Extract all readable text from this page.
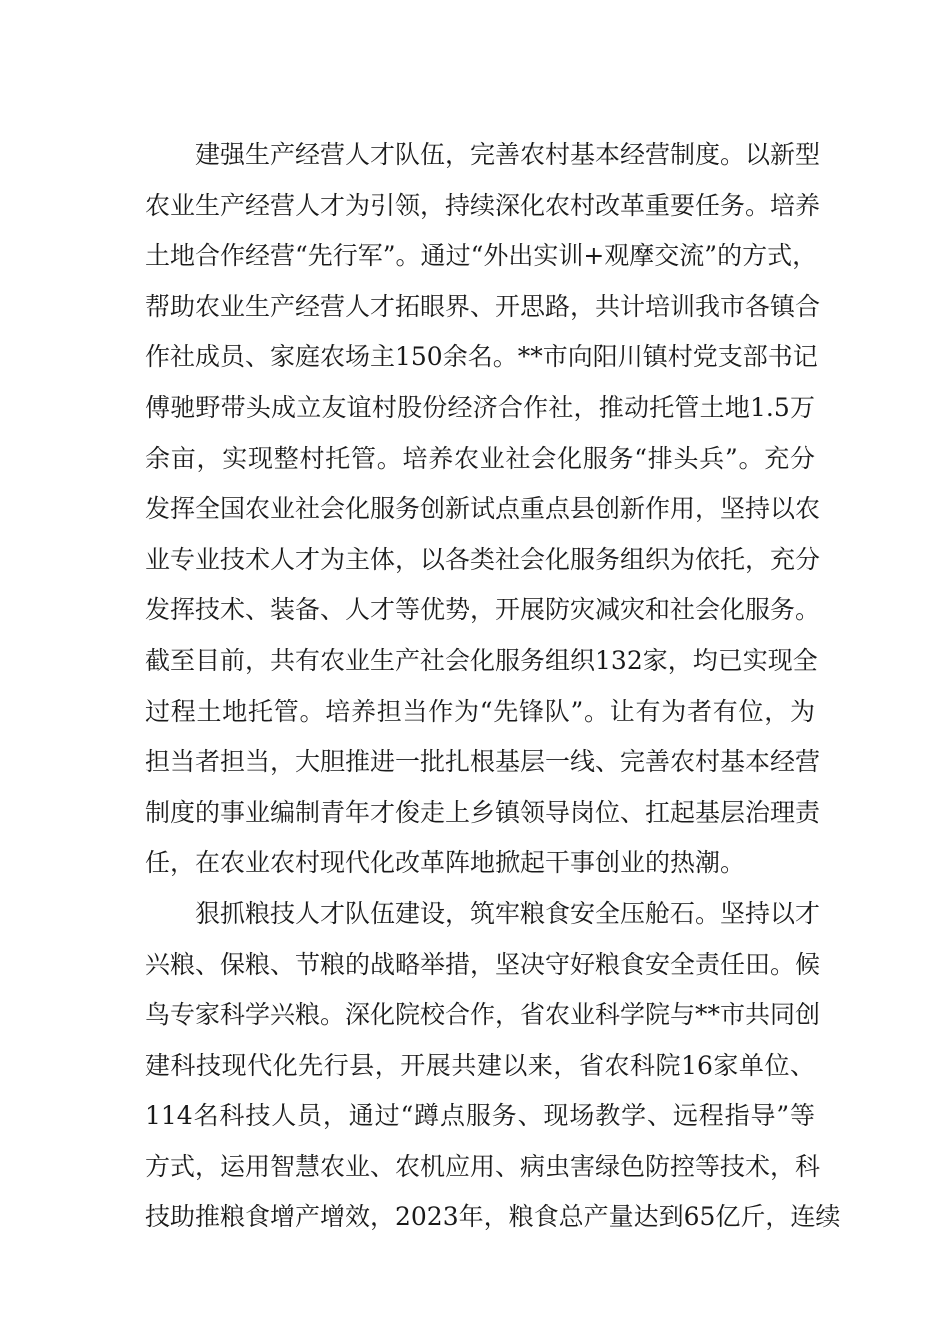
建强生产经营人才队伍，完善农村基本经营制度。以新型
农业生产经营人才为引领，持续深化农村改革重要任务。培养
土地合作经营“先行军”。通过“外出实训+观摩交流”的方式，
帮助农业生产经营人才拓眼界、开思路，共计培训我市各镇合
作社成员、家庭农场主150余名。**市向阳川镇村党支部书记
傅驰野带头成立友谊村股份经济合作社，推动托管土地1.5万
余亩，实现整村托管。培养农业社会化服务“排头兵”。充分
发挥全国农业社会化服务创新试点重点县创新作用，坚持以农
业专业技术人才为主体，以各类社会化服务组织为依托，充分
发挥技术、装备、人才等优势，开展防灾减灾和社会化服务。
截至目前，共有农业生产社会化服务组织132家，均已实现全
过程土地托管。培养担当作为“先锋队”。让有为者有位，为
担当者担当，大胆推进一批扎根基层一线、完善农村基本经营
制度的事业编制青年才俊走上乡镇领导岗位、扛起基层治理责
任，在农业农村现代化改革阵地掀起干事创业的热潮。
狠抓粮技人才队伍建设，筑牢粮食安全压舱石。坚持以才
兴粮、保粮、节粮的战略举措，坚决守好粮食安全责任田。候
鸟专家科学兴粮。深化院校合作，省农业科学院与**市共同创
建科技现代化先行县，开展共建以来，省农科院16家单位、
114名科技人员，通过“蹲点服务、现场教学、远程指导”等
方式，运用智慧农业、农机应用、病虫害绿色防控等技术，科
技助推粮食增产增效，2023年，粮食总产量达到65亿斤，连续
